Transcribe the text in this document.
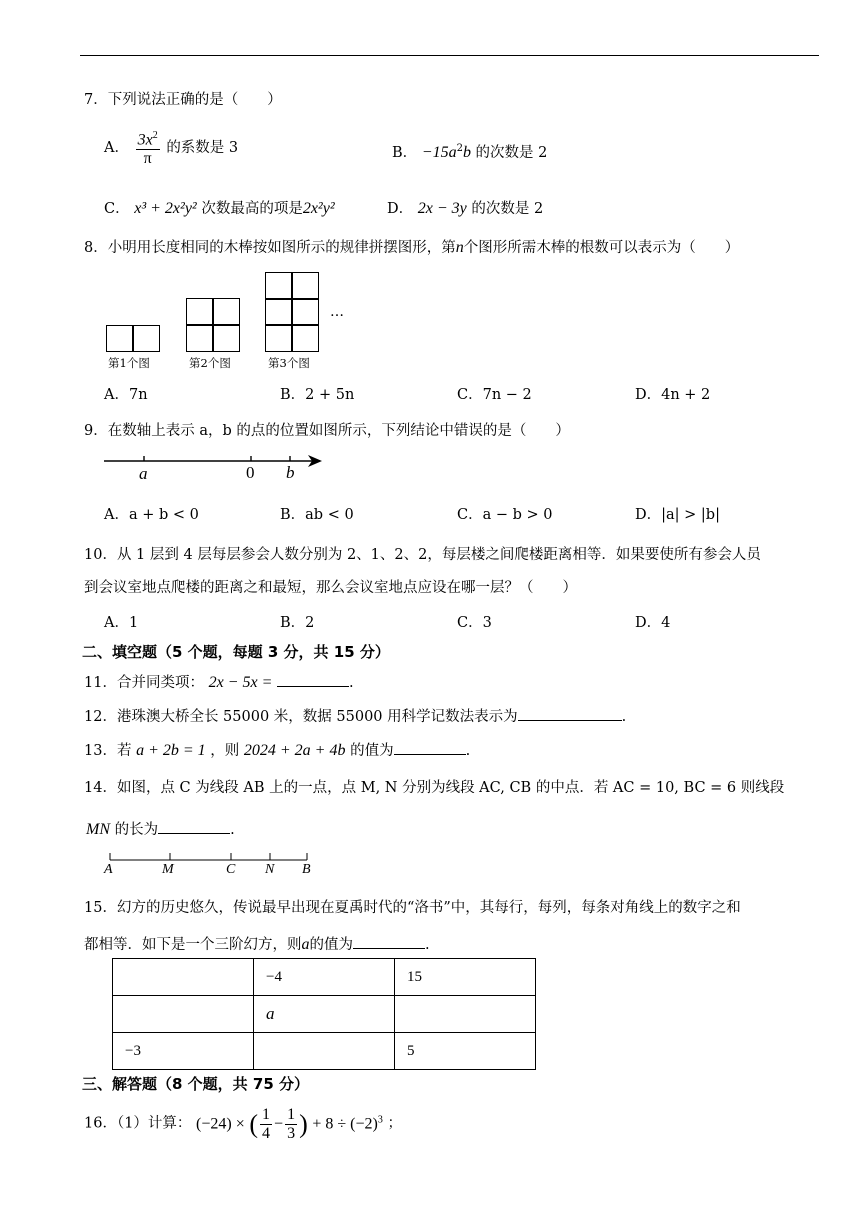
7．下列说法正确的是（　　）
A． $\frac{3x^2}{\pi}$ 的系数是 3	B． $-15a^2b$ 的次数是 2
C． x³ + 2x²y² 次数最高的项是2x²y²	D． 2x − 3y 的次数是 2
8．小明用长度相同的木棒按如图所示的规律拼摆图形，第n个图形所需木棒的根数可以表示为（　　）
…
第1个图	第2个图	第3个图
A．7n	B．2 + 5n	C．7n − 2	D．4n + 2
9．在数轴上表示 a，b 的点的位置如图所示，下列结论中错误的是（　　）
a	0 b
A．a + b < 0	B．ab < 0	C．a − b > 0	D．|a| > |b|
10．从 1 层到 4 层每层参会人数分别为 2、1、2、2，每层楼之间爬楼距离相等．如果要使所有参会人员
到会议室地点爬楼的距离之和最短，那么会议室地点应设在哪一层？（　　）
A．1	B．2	C．3	D．4
二、填空题（5 个题，每题 3 分，共 15 分）
11．合并同类项： 2x − 5x =	.
12．港珠澳大桥全长 55000 米，数据 55000 用科学记数法表示为	.
13．若 a + 2b = 1 ，则 2024 + 2a + 4b 的值为	.
14．如图，点 C 为线段 AB 上的一点，点 M, N 分别为线段 AC, CB 的中点．若 AC = 10, BC = 6 则线段
MN 的长为	.
A	M	C N B
15．幻方的历史悠久，传说最早出现在夏禹时代的“洛书”中，其每行，每列，每条对角线上的数字之和
都相等．如下是一个三阶幻方，则a的值为	.
	−4	15
	a	
−3		5
三、解答题（8 个题，共 75 分）
16．（1）计算： (−24) × ( $\frac{1}{4} - \frac{1}{3}$ ) + $8 \div (-2)^3$ ；
